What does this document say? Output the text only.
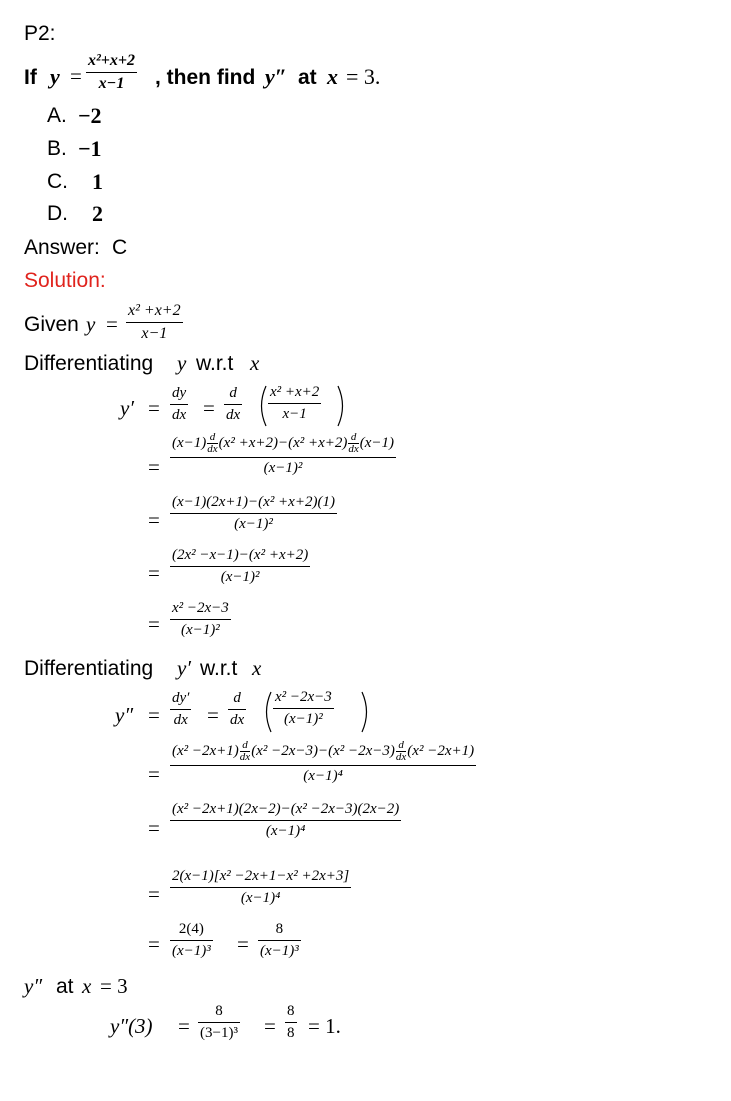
P2:
If y =
x²+x+2
x−1 , then find y″ at x = 3.
A. −2
B. −1
C. 1
D. 2
Answer: C
Solution:
Given y =
x² +x+2
x−1
Differentiating y w.r.t x
y′ =
dy
dx =
d
dx
x² +x+2
x−1
=
$(x-1) \frac{d}{dx} (x^2 +x+2)-(x^2 +x+2) \frac{d}{dx} (x-1)$
(x−1)²
=
(x−1)(2x+1)−(x² +x+2)(1)
(x−1)²
=
(2x² −x−1)−(x² +x+2)
(x−1)²
=
x² −2x−3
(x−1)²
Differentiating y′ w.r.t x
y″ =
dy′
dx =
d
dx
x² −2x−3
(x−1)²
=
$(x^2 -2x+1) \frac{d}{dx} (x^2 -2x-3)-(x^2 -2x-3) \frac{d}{dx} (x^2 -2x+1)$
(x−1)⁴
=
(x² −2x+1)(2x−2)−(x² −2x−3)(2x−2)
(x−1)⁴
=
2(x−1)[x² −2x+1−x² +2x+3]
(x−1)⁴
=
2(4)
(x−1)³ =
8
(x−1)³
y″ at x = 3
y″(3) =
8
(3−1)³ =
8
8 = 1.
